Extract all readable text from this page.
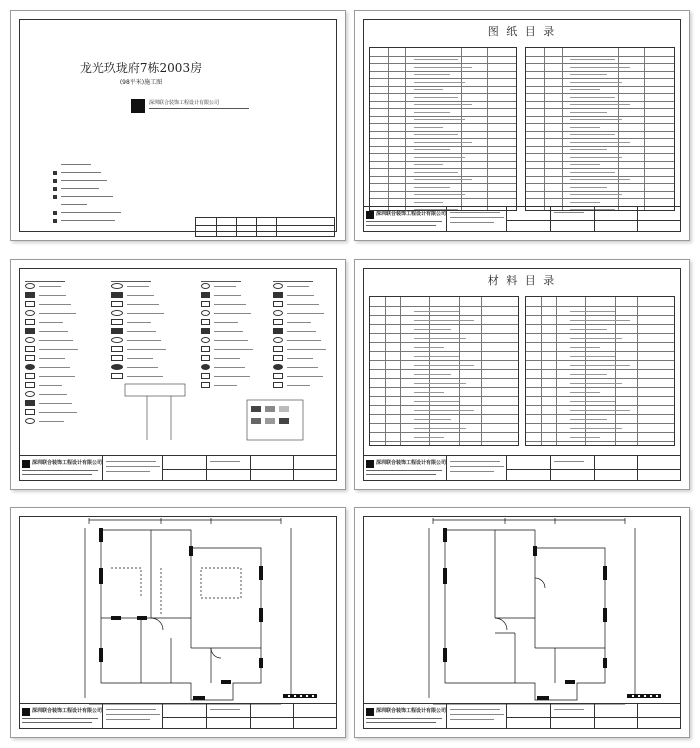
龙光玖珑府7栋2003房
(98平米)施工图
深圳联合装饰工程设计有限公司
图 纸 目 录
深圳联合装饰工程设计有限公司
深圳联合装饰工程设计有限公司
材 料 目 录
深圳联合装饰工程设计有限公司
深圳联合装饰工程设计有限公司	深圳联合装饰工程设计有限公司
